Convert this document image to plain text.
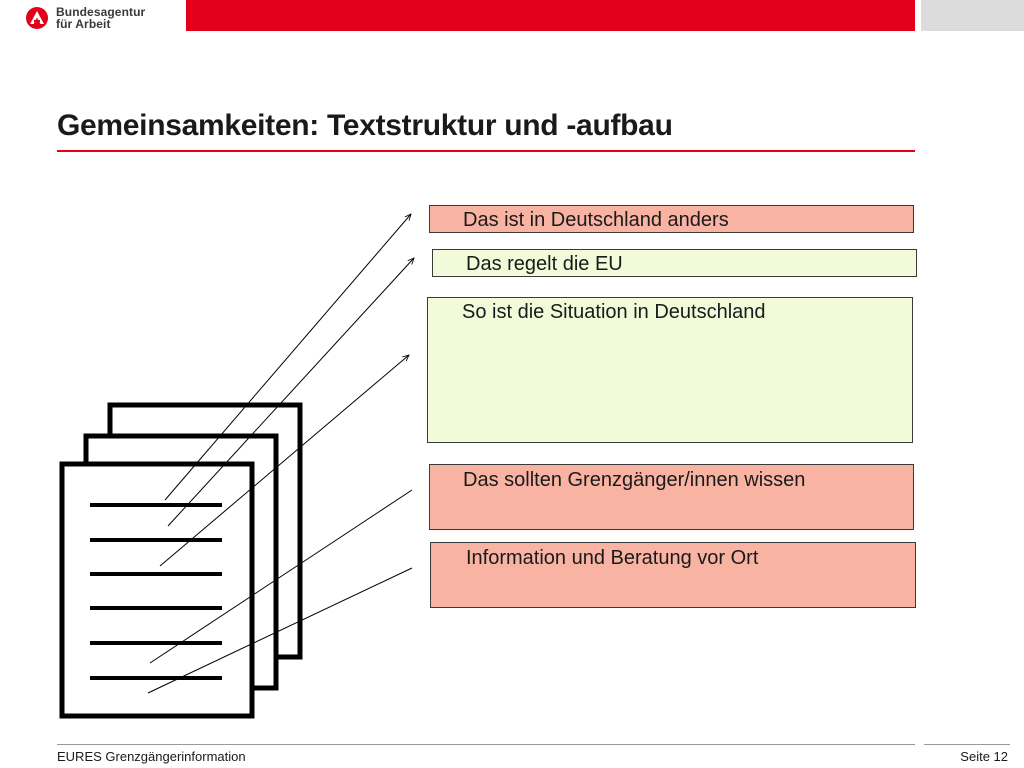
Bundesagentur
für Arbeit
Gemeinsamkeiten: Textstruktur und -aufbau
Das ist in Deutschland anders
Das regelt die EU
So ist die Situation in Deutschland
Das sollten Grenzgänger/innen wissen
Information und Beratung vor Ort
EURES Grenzgängerinformation	Seite 12
